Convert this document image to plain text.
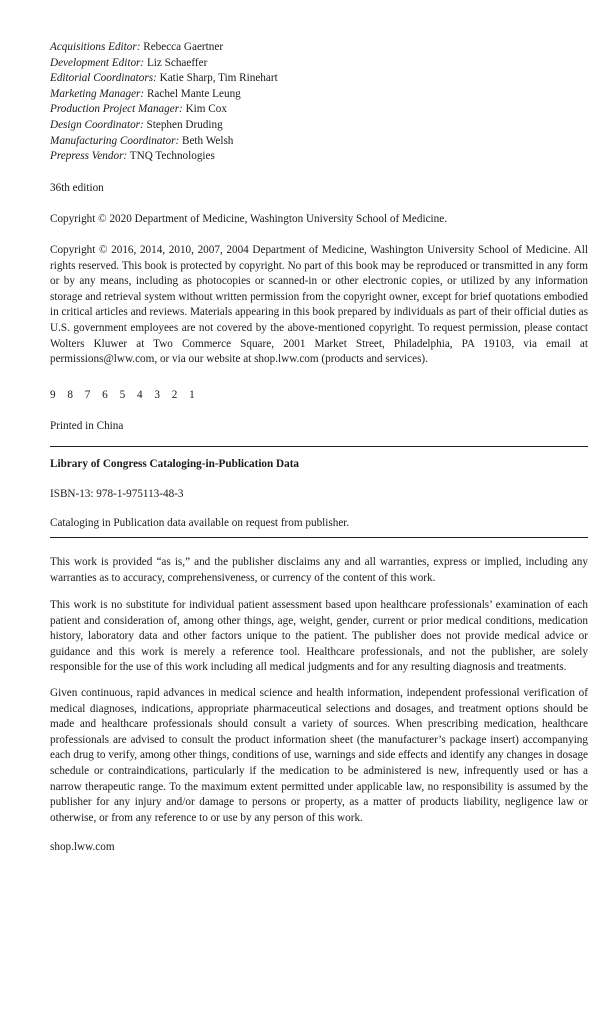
Acquisitions Editor: Rebecca Gaertner
Development Editor: Liz Schaeffer
Editorial Coordinators: Katie Sharp, Tim Rinehart
Marketing Manager: Rachel Mante Leung
Production Project Manager: Kim Cox
Design Coordinator: Stephen Druding
Manufacturing Coordinator: Beth Welsh
Prepress Vendor: TNQ Technologies

36th edition

Copyright © 2020 Department of Medicine, Washington University School of Medicine.

Copyright © 2016, 2014, 2010, 2007, 2004 Department of Medicine, Washington University School of Medicine. All rights reserved. This book is protected by copyright. No part of this book may be reproduced or transmitted in any form or by any means, including as photocopies or scanned-in or other electronic copies, or utilized by any information storage and retrieval system without written permission from the copyright owner, except for brief quotations embodied in critical articles and reviews. Materials appearing in this book prepared by individuals as part of their official duties as U.S. government employees are not covered by the above-mentioned copyright. To request permission, please contact Wolters Kluwer at Two Commerce Square, 2001 Market Street, Philadelphia, PA 19103, via email at permissions@lww.com, or via our website at shop.lww.com (products and services).

9 8 7 6 5 4 3 2 1

Printed in China

Library of Congress Cataloging-in-Publication Data

ISBN-13: 978-1-975113-48-3

Cataloging in Publication data available on request from publisher.

This work is provided “as is,” and the publisher disclaims any and all warranties, express or implied, including any warranties as to accuracy, comprehensiveness, or currency of the content of this work.

This work is no substitute for individual patient assessment based upon healthcare professionals’ examination of each patient and consideration of, among other things, age, weight, gender, current or prior medical conditions, medication history, laboratory data and other factors unique to the patient. The publisher does not provide medical advice or guidance and this work is merely a reference tool. Healthcare professionals, and not the publisher, are solely responsible for the use of this work including all medical judgments and for any resulting diagnosis and treatments.

Given continuous, rapid advances in medical science and health information, independent professional verification of medical diagnoses, indications, appropriate pharmaceutical selections and dosages, and treatment options should be made and healthcare professionals should consult a variety of sources. When prescribing medication, healthcare professionals are advised to consult the product information sheet (the manufacturer’s package insert) accompanying each drug to verify, among other things, conditions of use, warnings and side effects and identify any changes in dosage schedule or contraindications, particularly if the medication to be administered is new, infrequently used or has a narrow therapeutic range. To the maximum extent permitted under applicable law, no responsibility is assumed by the publisher for any injury and/or damage to persons or property, as a matter of products liability, negligence law or otherwise, or from any reference to or use by any person of this work.

shop.lww.com
